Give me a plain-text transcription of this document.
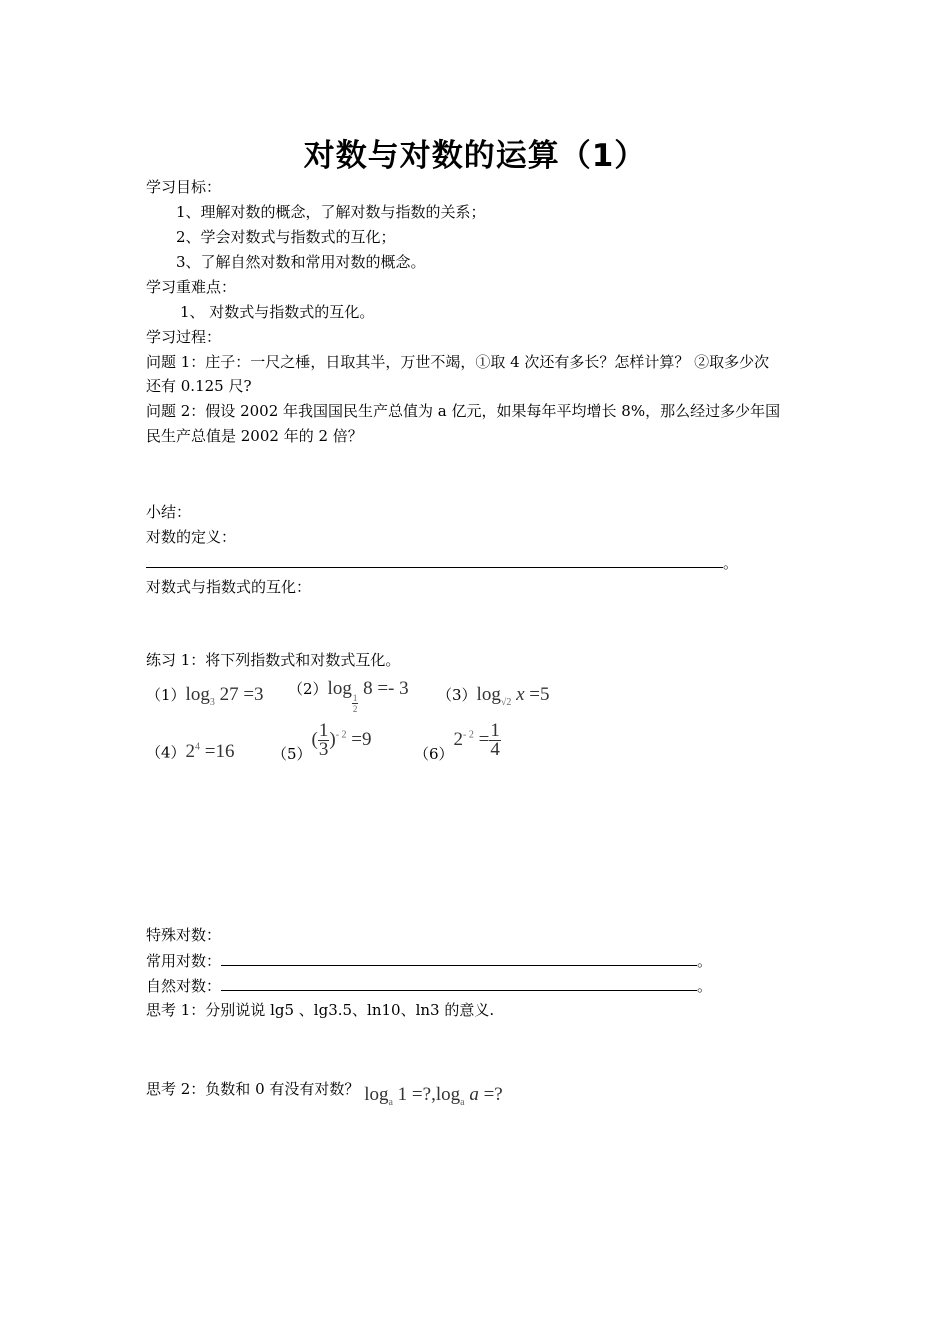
对数与对数的运算（1）
学习目标：
1、理解对数的概念，了解对数与指数的关系；
2、学会对数式与指数式的互化；
3、了解自然对数和常用对数的概念。
学习重难点：
1、 对数式与指数式的互化。
学习过程：
问题 1：庄子：一尺之棰，日取其半，万世不竭，①取 4 次还有多长？怎样计算？ ②取多少次
还有 0.125 尺?
问题 2：假设 2002 年我国国民生产总值为 a 亿元，如果每年平均增长 8%，那么经过多少年国
民生产总值是 2002 年的 2 倍？
小结：
对数的定义：
。
对数式与指数式的互化：
练习 1：将下列指数式和对数式互化。
$(1)\log_3$ 27 =3 （2）log
$\frac{1}{2}$
8 =- 3 $(3)\log_{√2}$ x =5
$(4)2^4 =16$ $(5)( \frac{1}{3} )^{- 2} =9$
$(6)2^{- 2} = \frac{1}{4}$
特殊对数：
常用对数：	。
自然对数：	。
思考 1：分别说说 lg5 、lg3.5、ln10、ln3 的意义.
思考 2：负数和 0 有没有对数？ $\log_a 1$ $=?,\log_a$ a =?
